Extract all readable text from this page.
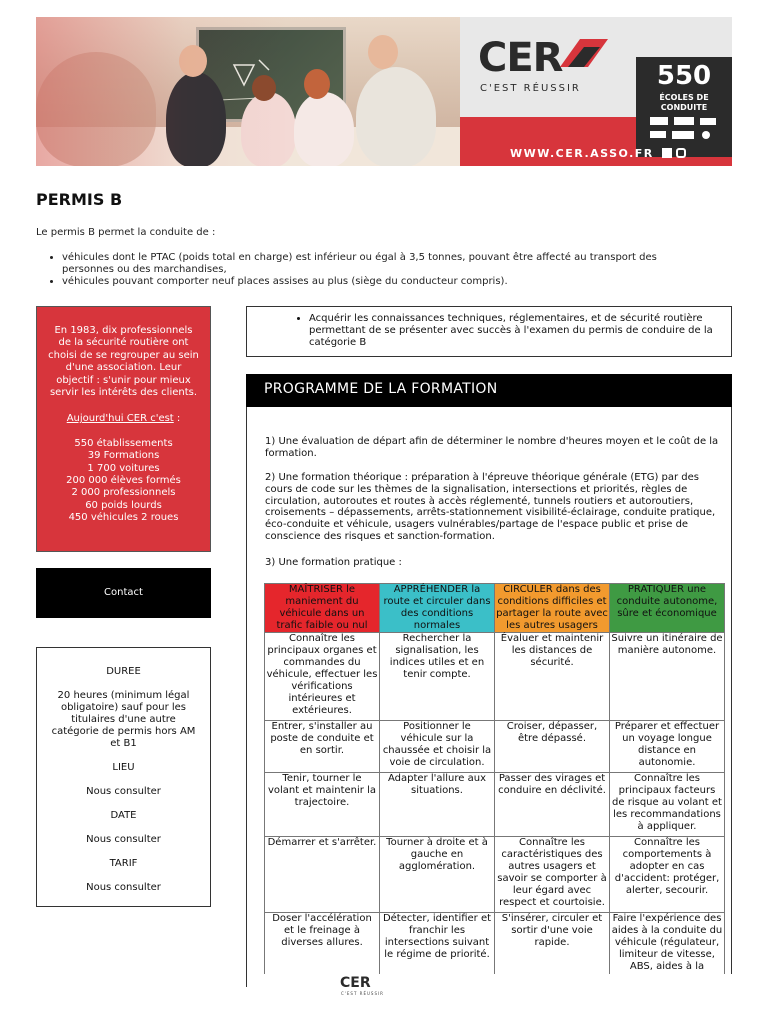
CER
C'EST RÉUSSIR	550
ÉCOLES DE
CONDUITE
WWW.CER.ASSO.FR
PERMIS B
Le permis B permet la conduite de :
• véhicules dont le PTAC (poids total en charge) est inférieur ou égal à 3,5 tonnes, pouvant être affecté au transport des personnes ou des marchandises,
• véhicules pouvant comporter neuf places assises au plus (siège du conducteur compris).
En 1983, dix professionnels de la sécurité routière ont choisi de se regrouper au sein d'une association. Leur objectif : s'unir pour mieux servir les intérêts des clients.
Aujourd'hui CER c'est :
550 établissements
39 Formations
1 700 voitures
200 000 élèves formés
2 000 professionnels
60 poids lourds
450 véhicules 2 roues
Contact
DUREE
20 heures (minimum légal obligatoire) sauf pour les titulaires d'une autre catégorie de permis hors AM et B1
LIEU
Nous consulter
DATE
Nous consulter
TARIF
Nous consulter
• Acquérir les connaissances techniques, réglementaires, et de sécurité routière permettant de se présenter avec succès à l'examen du permis de conduire de la catégorie B
PROGRAMME DE LA FORMATION
1) Une évaluation de départ afin de déterminer le nombre d'heures moyen et le coût de la formation.
2) Une formation théorique : préparation à l'épreuve théorique générale (ETG) par des cours de code sur les thèmes de la signalisation, intersections et priorités, règles de circulation, autoroutes et routes à accès réglementé, tunnels routiers et autoroutiers, croisements – dépassements, arrêts-stationnement visibilité-éclairage, conduite pratique, éco-conduite et véhicule, usagers vulnérables/partage de l'espace public et prise de conscience des risques et sanction-formation.
3) Une formation pratique :
MAÎTRISER le maniement du véhicule dans un trafic faible ou nul	APPRÉHENDER la route et circuler dans des conditions normales	CIRCULER dans des conditions difficiles et partager la route avec les autres usagers	PRATIQUER une conduite autonome, sûre et économique
Connaître les principaux organes et commandes du véhicule, effectuer les vérifications intérieures et extérieures.	Rechercher la signalisation, les indices utiles et en tenir compte.	Évaluer et maintenir les distances de sécurité.	Suivre un itinéraire de manière autonome.
Entrer, s'installer au poste de conduite et en sortir.	Positionner le véhicule sur la chaussée et choisir la voie de circulation.	Croiser, dépasser, être dépassé.	Préparer et effectuer un voyage longue distance en autonomie.
Tenir, tourner le volant et maintenir la trajectoire.	Adapter l'allure aux situations.	Passer des virages et conduire en déclivité.	Connaître les principaux facteurs de risque au volant et les recommandations à appliquer.
Démarrer et s'arrêter.	Tourner à droite et à gauche en agglomération.	Connaître les caractéristiques des autres usagers et savoir se comporter à leur égard avec respect et courtoisie.	Connaître les comportements à adopter en cas d'accident: protéger, alerter, secourir.
Doser l'accélération et le freinage à diverses allures.	Détecter, identifier et franchir les intersections suivant le régime de priorité.	S'insérer, circuler et sortir d'une voie rapide.	Faire l'expérience des aides à la conduite du véhicule (régulateur, limiteur de vitesse, ABS, aides à la
CER
C'EST RÉUSSIR
